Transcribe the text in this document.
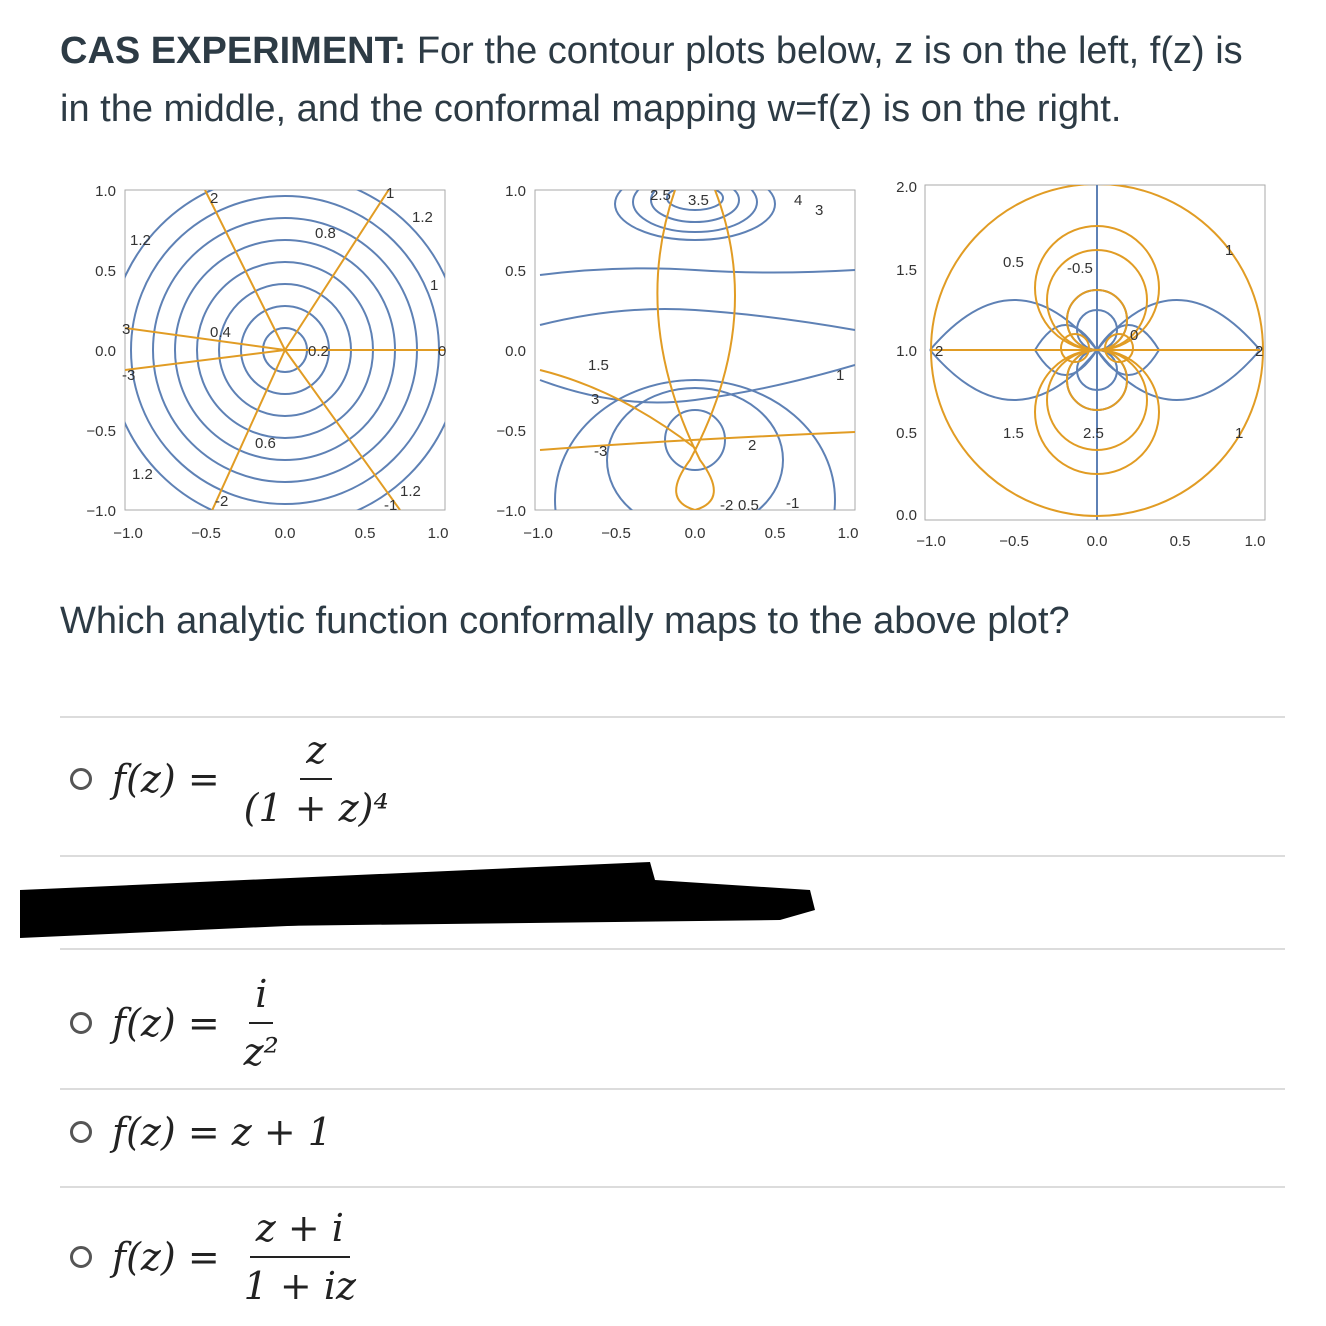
CAS EXPERIMENT: For the contour plots below, z is on the left, f(z) is in the middle, and the conformal mapping w=f(z) is on the right.
2	1
1.2	0.8
1.2
1
3	0.4
0.2	0
-3
0.6
1.2
-2
1.2
-1
1.0
0.5
0.0
−0.5
−1.0
−1.0	−0.5	0.0	0.5	1.0
2.5 3.5	4
3
1.5
1
3
-3	2
-2 0.5 -1
1.0
0.5
0.0
−0.5
−1.0
−1.0	−0.5	0.0	0.5	1.0
0.5	-0.5
1
2
0
2
1.5	2.5	1
2.0
1.5
1.0
0.5
0.0
−1.0	−0.5	0.0	0.5	1.0
Which analytic function conformally maps to the above plot?
$f(z) = \frac{z}{\text{(1 + z)⁴}}$
$f(z) = \frac{i}{\text{z²}}$
f(z) =
z + 1
$f(z) = \frac{z + i}{1 + iz}$
